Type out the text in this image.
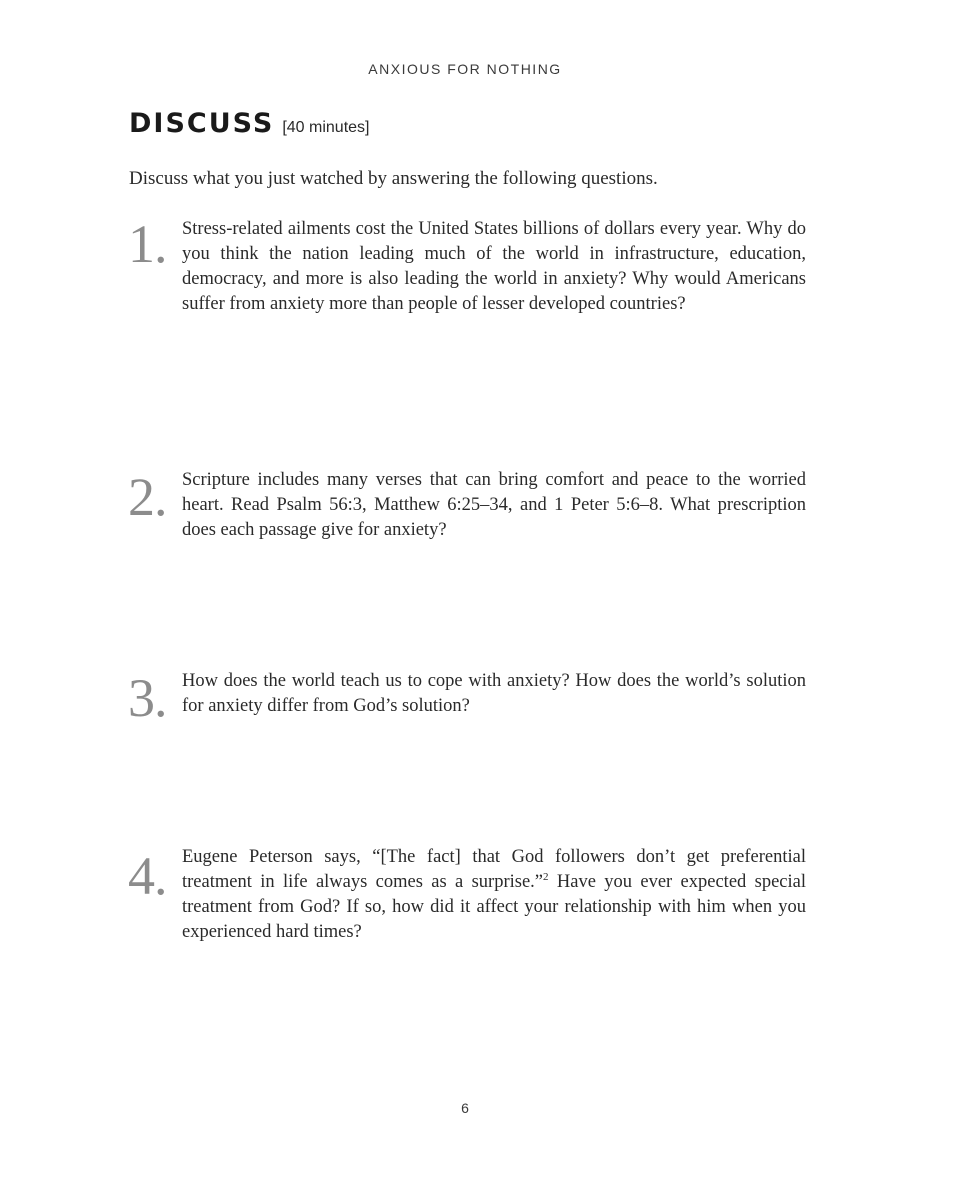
ANXIOUS FOR NOTHING
DISCUSS [40 minutes]

Discuss what you just watched by answering the following questions.

1. Stress-related ailments cost the United States billions of dollars every year. Why do you think the nation leading much of the world in infrastructure, education, democracy, and more is also leading the world in anxiety? Why would Americans suffer from anxiety more than people of lesser developed countries?

2. Scripture includes many verses that can bring comfort and peace to the worried heart. Read Psalm 56:3, Matthew 6:25–34, and 1 Peter 5:6–8. What prescription does each passage give for anxiety?

3. How does the world teach us to cope with anxiety? How does the world’s solution for anxiety differ from God’s solution?

4. Eugene Peterson says, “[The fact] that God followers don’t get preferential treatment in life always comes as a surprise.”$^2$ Have you ever expected special treatment from God? If so, how did it affect your relationship with him when you experienced hard times?

6
